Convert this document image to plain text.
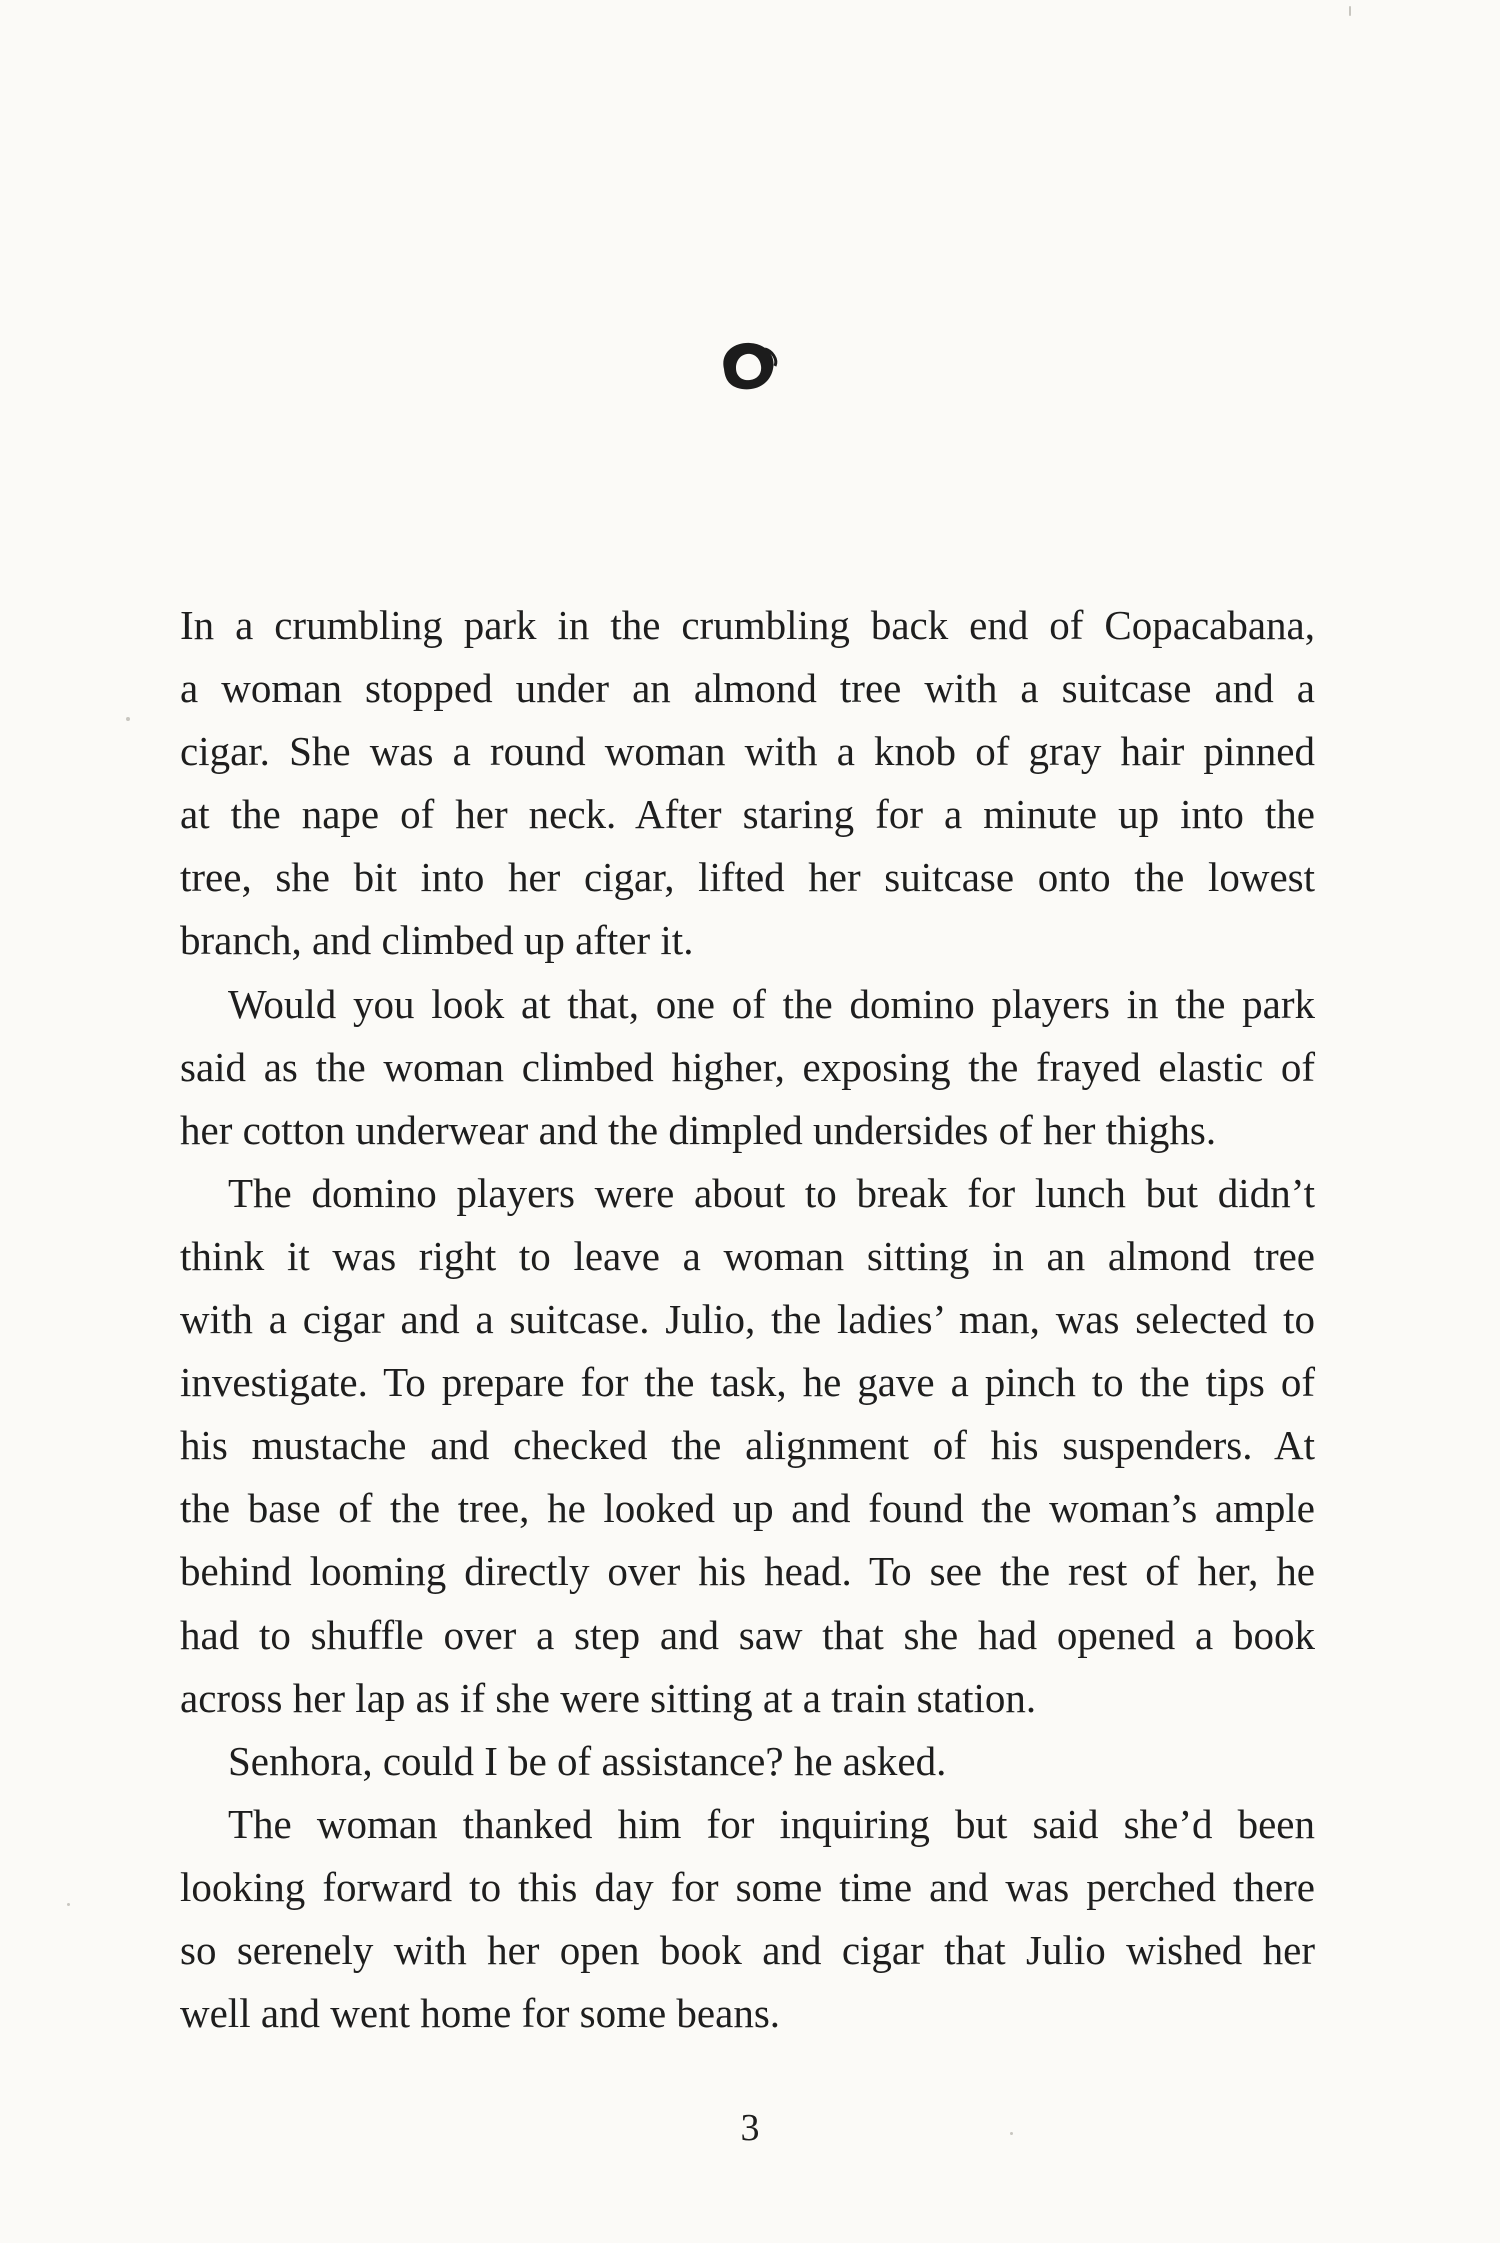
In a crumbling park in the crumbling back end of Copacabana,
a woman stopped under an almond tree with a suitcase and a
cigar. She was a round woman with a knob of gray hair pinned
at the nape of her neck. After staring for a minute up into the
tree, she bit into her cigar, lifted her suitcase onto the lowest
branch, and climbed up after it.
Would you look at that, one of the domino players in the park
said as the woman climbed higher, exposing the frayed elastic of
her cotton underwear and the dimpled undersides of her thighs.
The domino players were about to break for lunch but didn’t
think it was right to leave a woman sitting in an almond tree
with a cigar and a suitcase. Julio, the ladies’ man, was selected to
investigate. To prepare for the task, he gave a pinch to the tips of
his mustache and checked the alignment of his suspenders. At
the base of the tree, he looked up and found the woman’s ample
behind looming directly over his head. To see the rest of her, he
had to shuffle over a step and saw that she had opened a book
across her lap as if she were sitting at a train station.
Senhora, could I be of assistance? he asked.
The woman thanked him for inquiring but said she’d been
looking forward to this day for some time and was perched there
so serenely with her open book and cigar that Julio wished her
well and went home for some beans.
3
